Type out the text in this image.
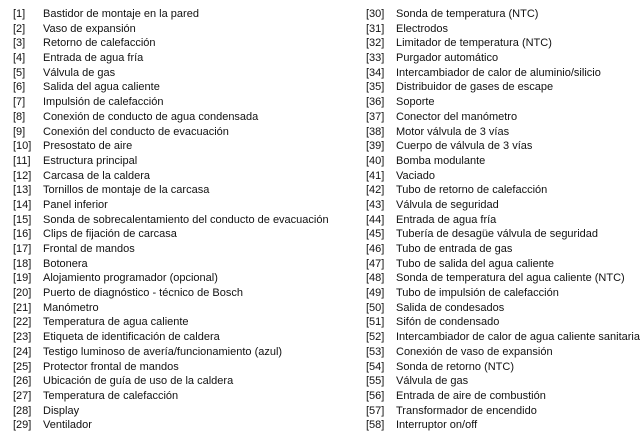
[1]	Bastidor de montaje en la pared
[2]	Vaso de expansión
[3]	Retorno de calefacción
[4]	Entrada de agua fría
[5]	Válvula de gas
[6]	Salida del agua caliente
[7]	Impulsión de calefacción
[8]	Conexión de conducto de agua condensada
[9]	Conexión del conducto de evacuación
[10]	Presostato de aire
[11]	Estructura principal
[12]	Carcasa de la caldera
[13]	Tornillos de montaje de la carcasa
[14]	Panel inferior
[15]	Sonda de sobrecalentamiento del conducto de evacuación
[16]	Clips de fijación de carcasa
[17]	Frontal de mandos
[18]	Botonera
[19]	Alojamiento programador (opcional)
[20]	Puerto de diagnóstico - técnico de Bosch
[21]	Manómetro
[22]	Temperatura de agua caliente
[23]	Etiqueta de identificación de caldera
[24]	Testigo luminoso de avería/funcionamiento (azul)
[25]	Protector frontal de mandos
[26]	Ubicación de guía de uso de la caldera
[27]	Temperatura de calefacción
[28]	Display
[29]	Ventilador
[30]	Sonda de temperatura (NTC)
[31]	Electrodos
[32]	Limitador de temperatura (NTC)
[33]	Purgador automático
[34]	Intercambiador de calor de aluminio/silicio
[35]	Distribuidor de gases de escape
[36]	Soporte
[37]	Conector del manómetro
[38]	Motor válvula de 3 vías
[39]	Cuerpo de válvula de 3 vías
[40]	Bomba modulante
[41]	Vaciado
[42]	Tubo de retorno de calefacción
[43]	Válvula de seguridad
[44]	Entrada de agua fría
[45]	Tubería de desagüe válvula de seguridad
[46]	Tubo de entrada de gas
[47]	Tubo de salida del agua caliente
[48]	Sonda de temperatura del agua caliente (NTC)
[49]	Tubo de impulsión de calefacción
[50]	Salida de condesados
[51]	Sifón de condensado
[52]	Intercambiador de calor de agua caliente sanitaria
[53]	Conexión de vaso de expansión
[54]	Sonda de retorno (NTC)
[55]	Válvula de gas
[56]	Entrada de aire de combustión
[57]	Transformador de encendido
[58]	Interruptor on/off
